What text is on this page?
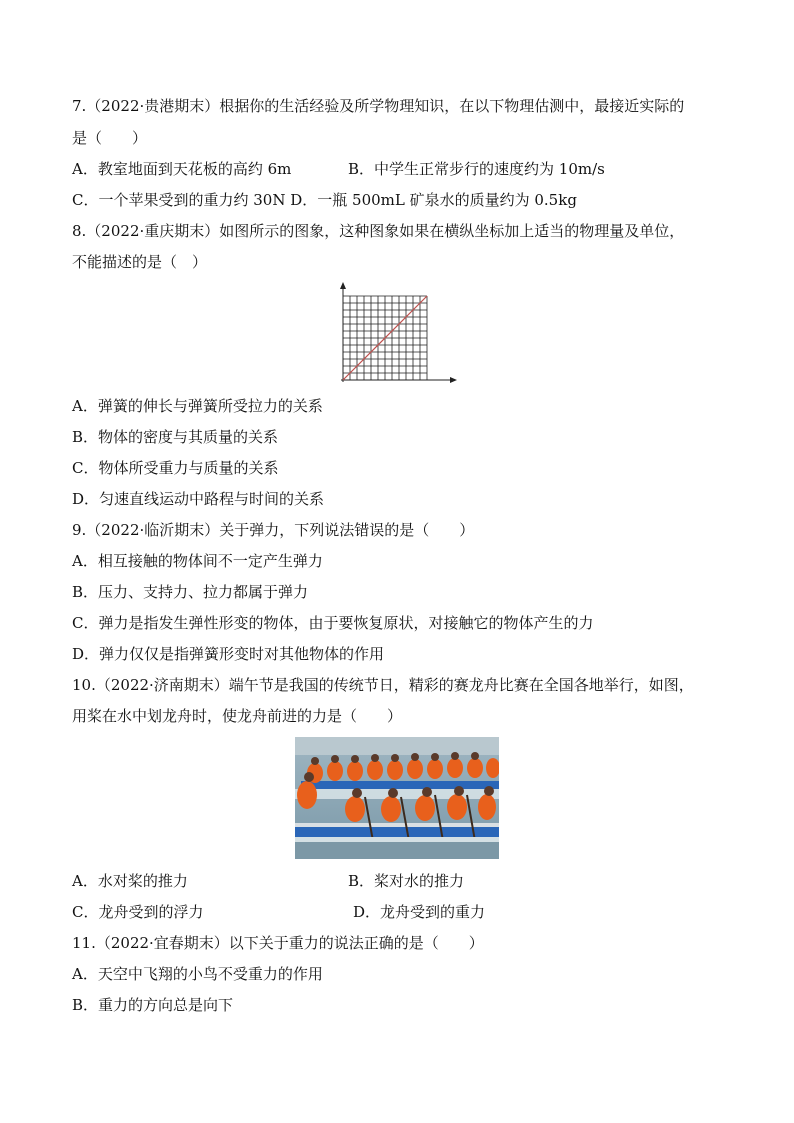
7.（2022·贵港期末）根据你的生活经验及所学物理知识，在以下物理估测中，最接近实际的
是（　　）
A．教室地面到天花板的高约 6m	B．中学生正常步行的速度约为 10m/s
C．一个苹果受到的重力约 30N D．一瓶 500mL 矿泉水的质量约为 0.5kg
8.（2022·重庆期末）如图所示的图象，这种图象如果在横纵坐标加上适当的物理量及单位，
不能描述的是（　）
A．弹簧的伸长与弹簧所受拉力的关系
B．物体的密度与其质量的关系
C．物体所受重力与质量的关系
D．匀速直线运动中路程与时间的关系
9.（2022·临沂期末）关于弹力，下列说法错误的是（　　）
A．相互接触的物体间不一定产生弹力
B．压力、支持力、拉力都属于弹力
C．弹力是指发生弹性形变的物体，由于要恢复原状，对接触它的物体产生的力
D．弹力仅仅是指弹簧形变时对其他物体的作用
10.（2022·济南期末）端午节是我国的传统节日，精彩的赛龙舟比赛在全国各地举行，如图，
用桨在水中划龙舟时，使龙舟前进的力是（　　）
A．水对桨的推力	B．桨对水的推力
C．龙舟受到的浮力	D．龙舟受到的重力
11.（2022·宜春期末）以下关于重力的说法正确的是（　　）
A．天空中飞翔的小鸟不受重力的作用
B．重力的方向总是向下
